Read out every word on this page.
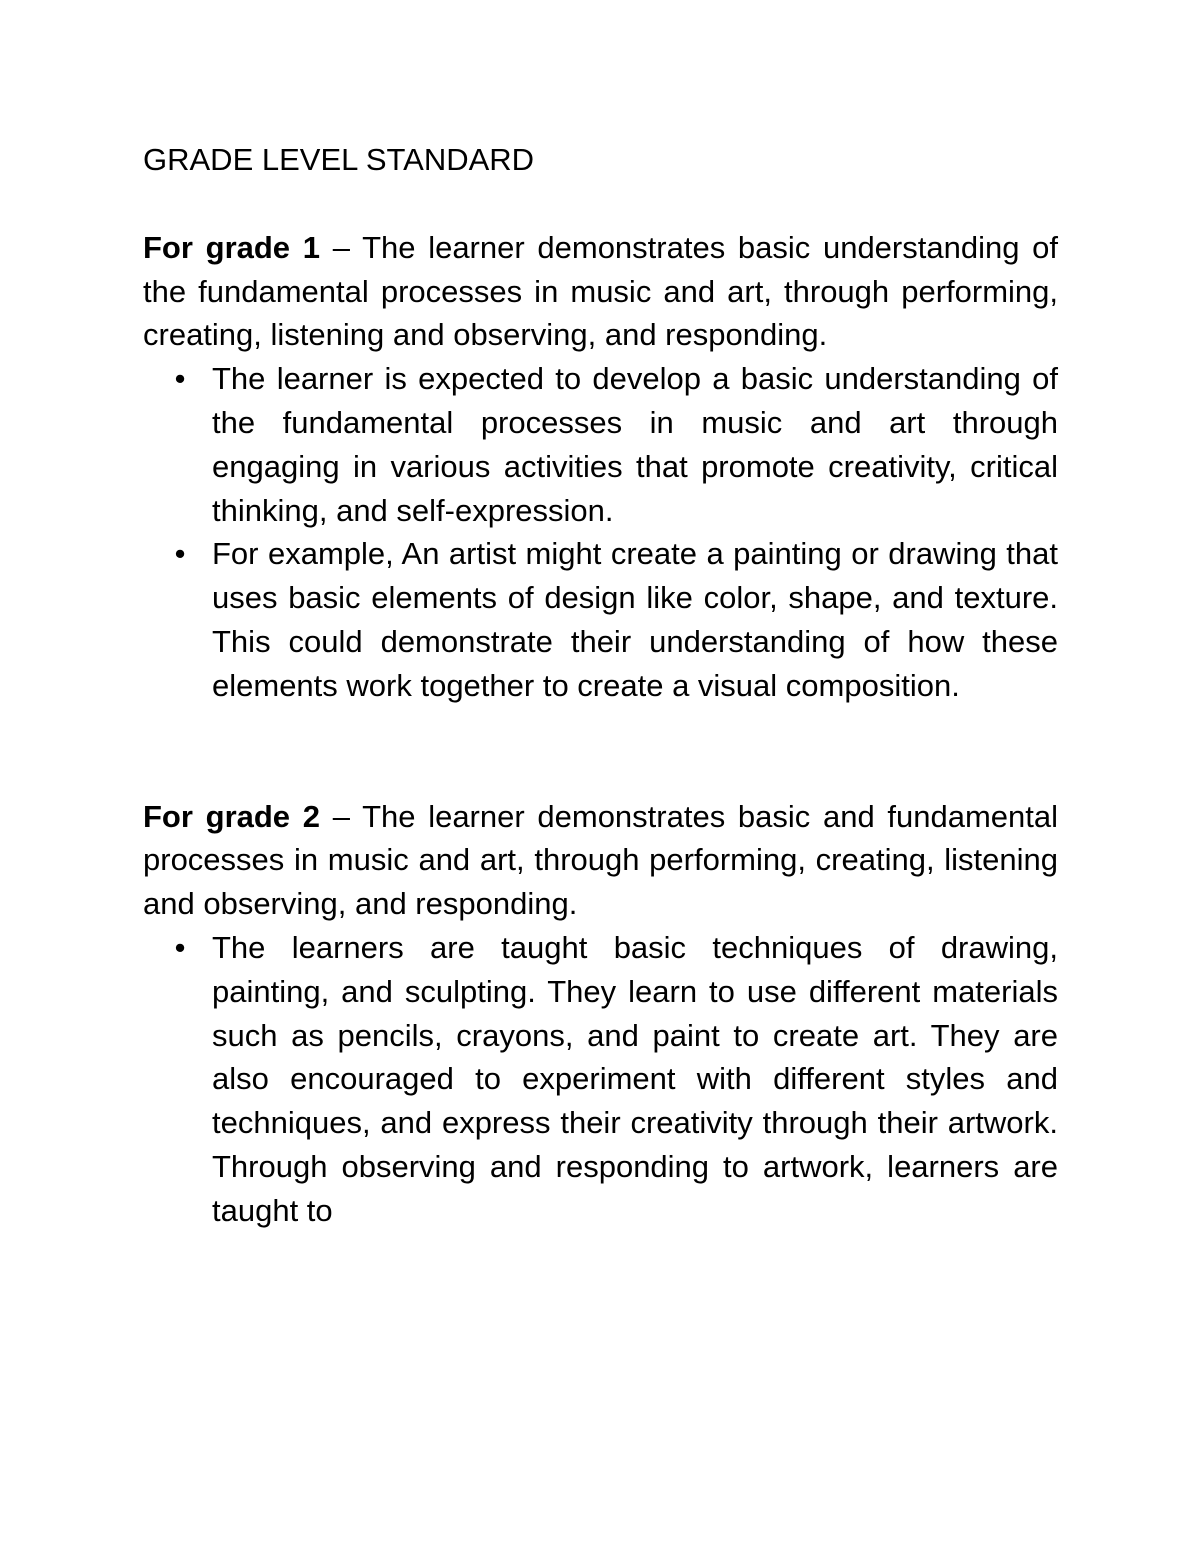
GRADE LEVEL STANDARD

For grade 1 – The learner demonstrates basic understanding of the fundamental processes in music and art, through performing, creating, listening and observing, and responding.

• The learner is expected to develop a basic understanding of the fundamental processes in music and art through engaging in various activities that promote creativity, critical thinking, and self-expression.
• For example, An artist might create a painting or drawing that uses basic elements of design like color, shape, and texture. This could demonstrate their understanding of how these elements work together to create a visual composition.

For grade 2 – The learner demonstrates basic and fundamental processes in music and art, through performing, creating, listening and observing, and responding.

• The learners are taught basic techniques of drawing, painting, and sculpting. They learn to use different materials such as pencils, crayons, and paint to create art. They are also encouraged to experiment with different styles and techniques, and express their creativity through their artwork. Through observing and responding to artwork, learners are taught to
